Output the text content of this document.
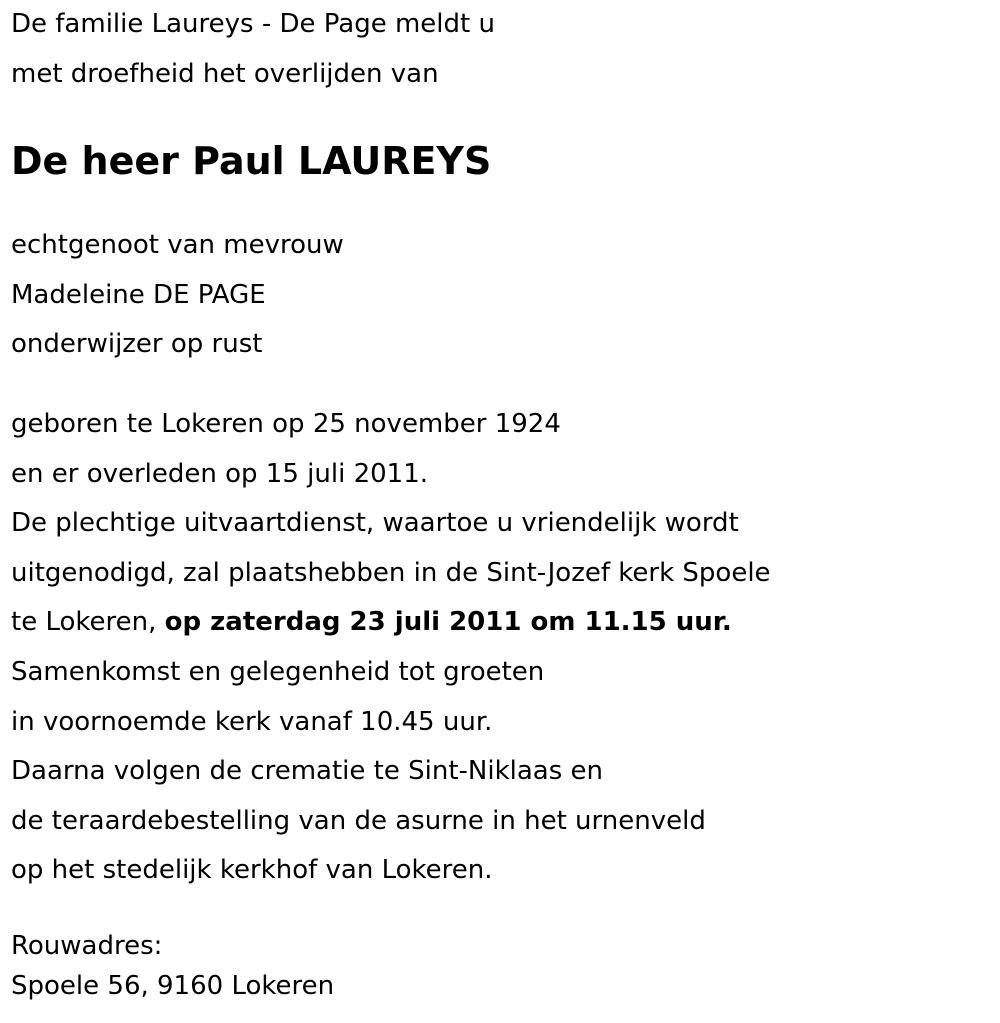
De familie Laureys - De Page meldt u

met droefheid het overlijden van

De heer Paul LAUREYS

echtgenoot van mevrouw

Madeleine DE PAGE

onderwijzer op rust

geboren te Lokeren op 25 november 1924

en er overleden op 15 juli 2011.

De plechtige uitvaartdienst, waartoe u vriendelijk wordt

uitgenodigd, zal plaatshebben in de Sint-Jozef kerk Spoele

te Lokeren, op zaterdag 23 juli 2011 om 11.15 uur.

Samenkomst en gelegenheid tot groeten

in voornoemde kerk vanaf 10.45 uur.

Daarna volgen de crematie te Sint-Niklaas en

de teraardebestelling van de asurne in het urnenveld

op het stedelijk kerkhof van Lokeren.

Rouwadres:

Spoele 56, 9160 Lokeren
